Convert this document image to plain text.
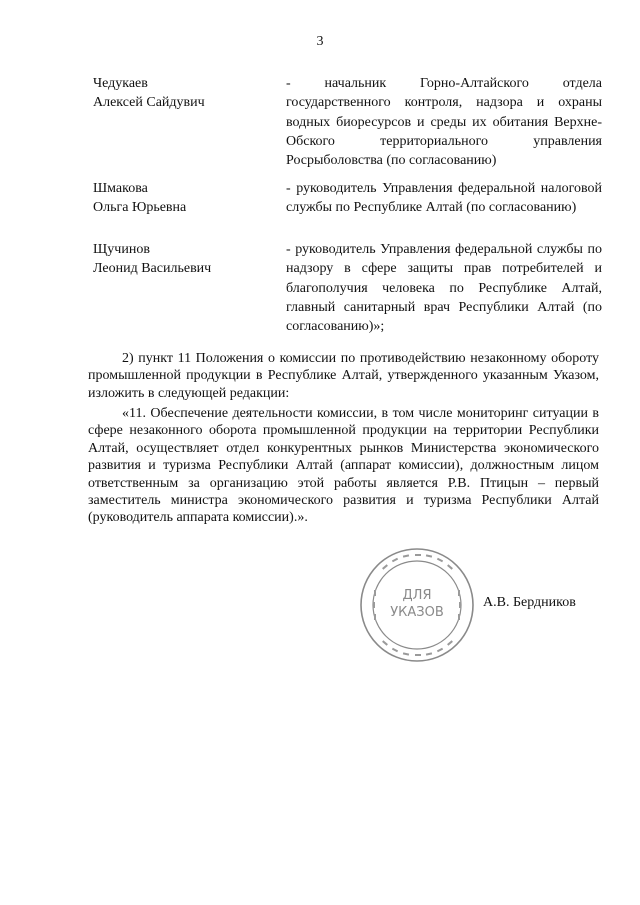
3
Чедукаев
Алексей Сайдувич
- начальник Горно-Алтайского отдела государственного контроля, надзора и охраны водных биоресурсов и среды их обитания Верхне-Обского территориального управления Росрыболовства (по согласованию)
Шмакова
Ольга Юрьевна
- руководитель Управления федеральной налоговой службы по Республике Алтай (по согласованию)
Щучинов
Леонид Васильевич
- руководитель Управления федеральной службы по надзору в сфере защиты прав потребителей и благополучия человека по Республике Алтай, главный санитарный врач Республики Алтай (по согласованию)»;
2) пункт 11 Положения о комиссии по противодействию незаконному обороту промышленной продукции в Республике Алтай, утвержденного указанным Указом, изложить в следующей редакции:
«11. Обеспечение деятельности комиссии, в том числе мониторинг ситуации в сфере незаконного оборота промышленной продукции на территории Республики Алтай, осуществляет отдел конкурентных рынков Министерства экономического развития и туризма Республики Алтай (аппарат комиссии), должностным лицом ответственным за организацию этой работы является Р.В. Птицын – первый заместитель министра экономического развития и туризма Республики Алтай (руководитель аппарата комиссии).».
ДЛЯ
УКАЗОВ
А.В. Бердников
